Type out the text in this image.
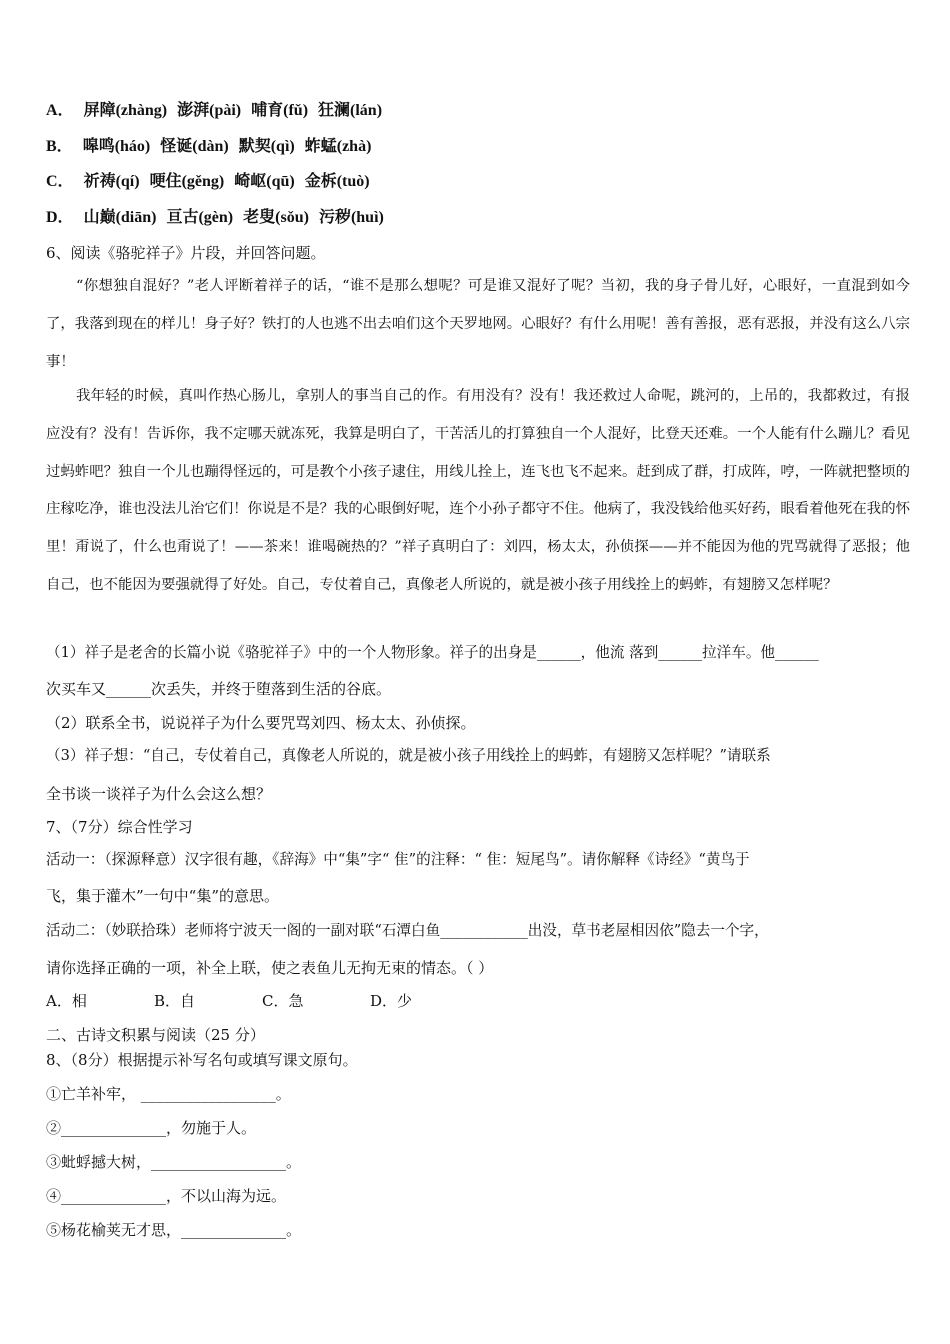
A． 屏障(zhàng) 澎湃(pài) 哺育(fǔ) 狂澜(lán)
B． 嗥鸣(háo) 怪诞(dàn) 默契(qì) 蚱蜢(zhà)
C． 祈祷(qí) 哽住(gěng) 崎岖(qū) 金柝(tuò)
D． 山巅(diān) 亘古(gèn) 老叟(sǒu) 污秽(huì)
6、阅读《骆驼祥子》片段，并回答问题。
“你想独自混好？”老人评断着祥子的话，“谁不是那么想呢？可是谁又混好了呢？当初，我的身子骨儿好，心眼好，一直混到如今了，我落到现在的样儿！身子好？铁打的人也逃不出去咱们这个天罗地网。心眼好？有什么用呢！善有善报，恶有恶报，并没有这么八宗事！
我年轻的时候，真叫作热心肠儿，拿别人的事当自己的作。有用没有？没有！我还救过人命呢，跳河的，上吊的，我都救过，有报应没有？没有！告诉你，我不定哪天就冻死，我算是明白了，干苦活儿的打算独自一个人混好，比登天还难。一个人能有什么蹦儿？看见过蚂蚱吧？独自一个儿也蹦得怪远的，可是教个小孩子逮住，用线儿拴上，连飞也飞不起来。赶到成了群，打成阵，哼，一阵就把整顷的庄稼吃净，谁也没法儿治它们！你说是不是？我的心眼倒好呢，连个小孙子都守不住。他病了，我没钱给他买好药，眼看着他死在我的怀里！甭说了，什么也甭说了！——茶来！谁喝碗热的？”祥子真明白了：刘四，杨太太，孙侦探——并不能因为他的咒骂就得了恶报；他自己，也不能因为要强就得了好处。自己，专仗着自己，真像老人所说的，就是被小孩子用线拴上的蚂蚱，有翅膀又怎样呢？
（1）祥子是老舍的长篇小说《骆驼祥子》中的一个人物形象。祥子的出身是______，他流 落到______拉洋车。他______
次买车又______次丢失，并终于堕落到生活的谷底。
（2）联系全书，说说祥子为什么要咒骂刘四、杨太太、孙侦探。
（3）祥子想：“自己，专仗着自己，真像老人所说的，就是被小孩子用线拴上的蚂蚱，有翅膀又怎样呢？”请联系
全书谈一谈祥子为什么会这么想？
7、（7分）综合性学习
活动一：（探源释意）汉字很有趣，《辞海》中“集”字“ 隹”的注释：“ 隹：短尾鸟”。请你解释《诗经》“黄鸟于
飞，集于灌木”一句中“集”的意思。
活动二：（妙联拾珠）老师将宁波天一阁的一副对联“石潭白鱼____________出没，草书老屋相因依”隐去一个字，
请你选择正确的一项，补全上联，使之表鱼儿无拘无束的情态。（ ）
A．相	B．自	C．急	D．少
二、古诗文积累与阅读（25 分）
8、（8分）根据提示补写名句或填写课文原句。
①亡羊补牢， __________________。
②______________，勿施于人。
③蚍蜉撼大树，__________________。
④______________，不以山海为远。
⑤杨花榆荚无才思，______________。
